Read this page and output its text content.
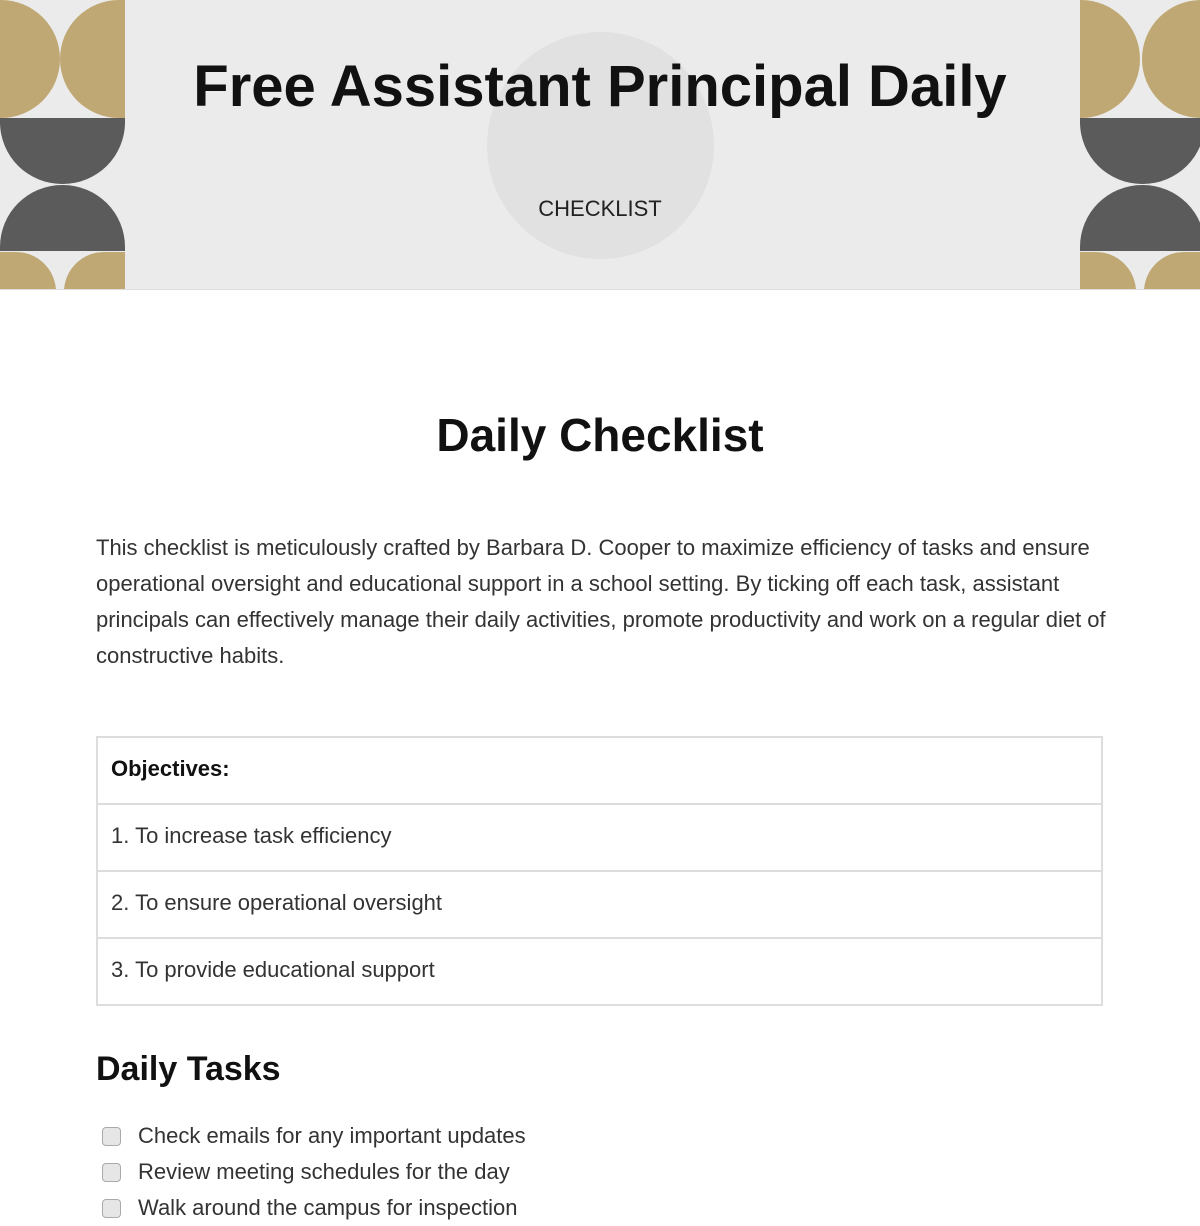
Free Assistant Principal Daily
CHECKLIST
Daily Checklist

This checklist is meticulously crafted by Barbara D. Cooper to maximize efficiency of tasks and ensure operational oversight and educational support in a school setting. By ticking off each task, assistant principals can effectively manage their daily activities, promote productivity and work on a regular diet of constructive habits.

Objectives:
1. To increase task efficiency
2. To ensure operational oversight
3. To provide educational support
Daily Tasks
Check emails for any important updates
Review meeting schedules for the day
Walk around the campus for inspection
